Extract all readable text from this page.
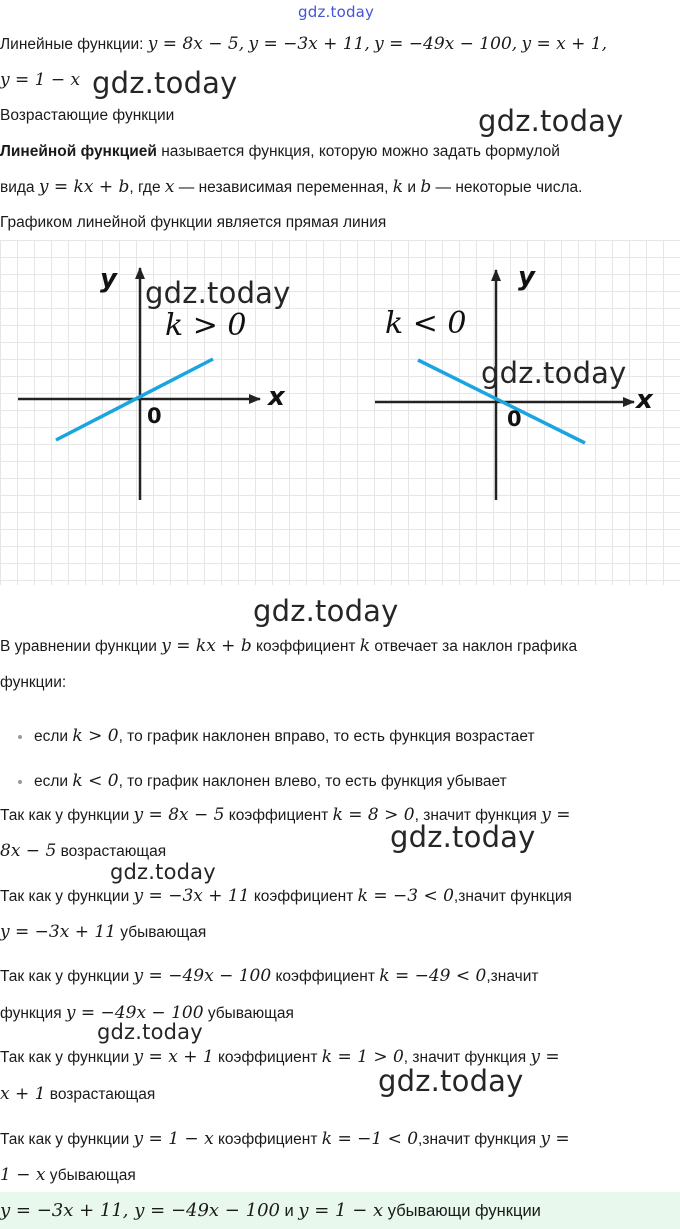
gdz.today
Линейные функции: y = 8x − 5, y = −3x + 11, y = −49x − 100, y = x + 1,
y = 1 − x gdz.today
Возрастающие функции	gdz.today
Линейной функцией называется функция, которую можно задать формулой
вида y = kx + b, где x — независимая переменная, k и b — некоторые числа.
Графиком линейной функции является прямая линия
y
x
0
k > 0
gdz.today	y
x
0
k < 0
gdz.today
gdz.today
В уравнении функции y = kx + b коэффициент k отвечает за наклон графика
функции:
если k > 0, то график наклонен вправо, то есть функция возрастает
если k < 0, то график наклонен влево, то есть функция убывает
Так как у функции y = 8x − 5 коэффициент k = 8 > 0, значит функция y =
8x − 5 возрастающая	gdz.today
gdz.today
Так как у функции y = −3x + 11 коэффициент k = −3 < 0,значит функция
y = −3x + 11 убывающая
Так как у функции y = −49x − 100 коэффициент k = −49 < 0,значит
функция y = −49x − 100 убывающая
gdz.today
Так как у функции y = x + 1 коэффициент k = 1 > 0, значит функция y =
x + 1 возрастающая	gdz.today
Так как у функции y = 1 − x коэффициент k = −1 < 0,значит функция y =
1 − x убывающая
y = −3x + 11, y = −49x − 100 и y = 1 − x убывающи функции
